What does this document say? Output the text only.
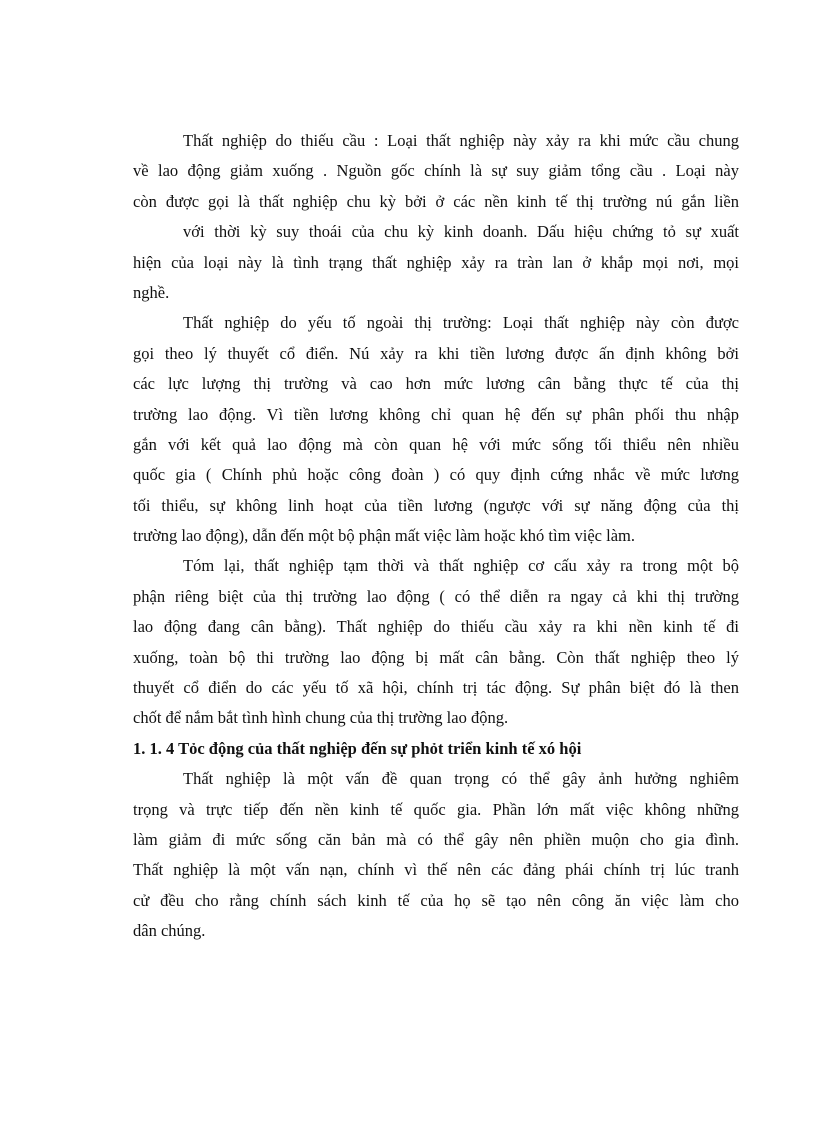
Thất nghiệp do thiếu cầu : Loại thất nghiệp này xảy ra khi mức cầu chung
về lao động giảm xuống . Nguồn gốc chính là sự suy giảm tổng cầu . Loại này
còn được gọi là thất nghiệp chu kỳ bởi ở các nền kinh tế thị trường nú gắn liền
với thời kỳ suy thoái của chu kỳ kinh doanh. Dấu hiệu chứng tỏ sự xuất
hiện của loại này là tình trạng thất nghiệp xảy ra tràn lan ở khắp mọi nơi, mọi
nghề.
Thất nghiệp do yếu tố ngoài thị trường: Loại thất nghiệp này còn được
gọi theo lý thuyết cổ điển. Nú xảy ra khi tiền lương được ấn định không bởi
các lực lượng thị trường và cao hơn mức lương cân bằng thực tế của thị
trường lao động. Vì tiền lương không chỉ quan hệ đến sự phân phối thu nhập
gắn với kết quả lao động mà còn quan hệ với mức sống tối thiểu nên nhiều
quốc gia ( Chính phủ hoặc công đoàn ) có quy định cứng nhắc về mức lương
tối thiểu, sự không linh hoạt của tiền lương (ngược với sự năng động của thị
trường lao động), dẫn đến một bộ phận mất việc làm hoặc khó tìm việc làm.
Tóm lại, thất nghiệp tạm thời và thất nghiệp cơ cấu xảy ra trong một bộ
phận riêng biệt của thị trường lao động ( có thể diễn ra ngay cả khi thị trường
lao động đang cân bằng). Thất nghiệp do thiếu cầu xảy ra khi nền kinh tế đi
xuống, toàn bộ thi trường lao động bị mất cân bằng. Còn thất nghiệp theo lý
thuyết cổ điển do các yếu tố xã hội, chính trị tác động. Sự phân biệt đó là then
chốt để nắm bắt tình hình chung của thị trường lao động.
1. 1. 4 Tỏc động của thất nghiệp đến sự phỏt triển kinh tế xó hội
Thất nghiệp là một vấn đề quan trọng có thể gây ảnh hưởng nghiêm
trọng và trực tiếp đến nền kinh tế quốc gia. Phần lớn mất việc không những
làm giảm đi mức sống căn bản mà có thể gây nên phiền muộn cho gia đình.
Thất nghiệp là một vấn nạn, chính vì thế nên các đảng phái chính trị lúc tranh
cử đều cho rằng chính sách kinh tế của họ sẽ tạo nên công ăn việc làm cho
dân chúng.
